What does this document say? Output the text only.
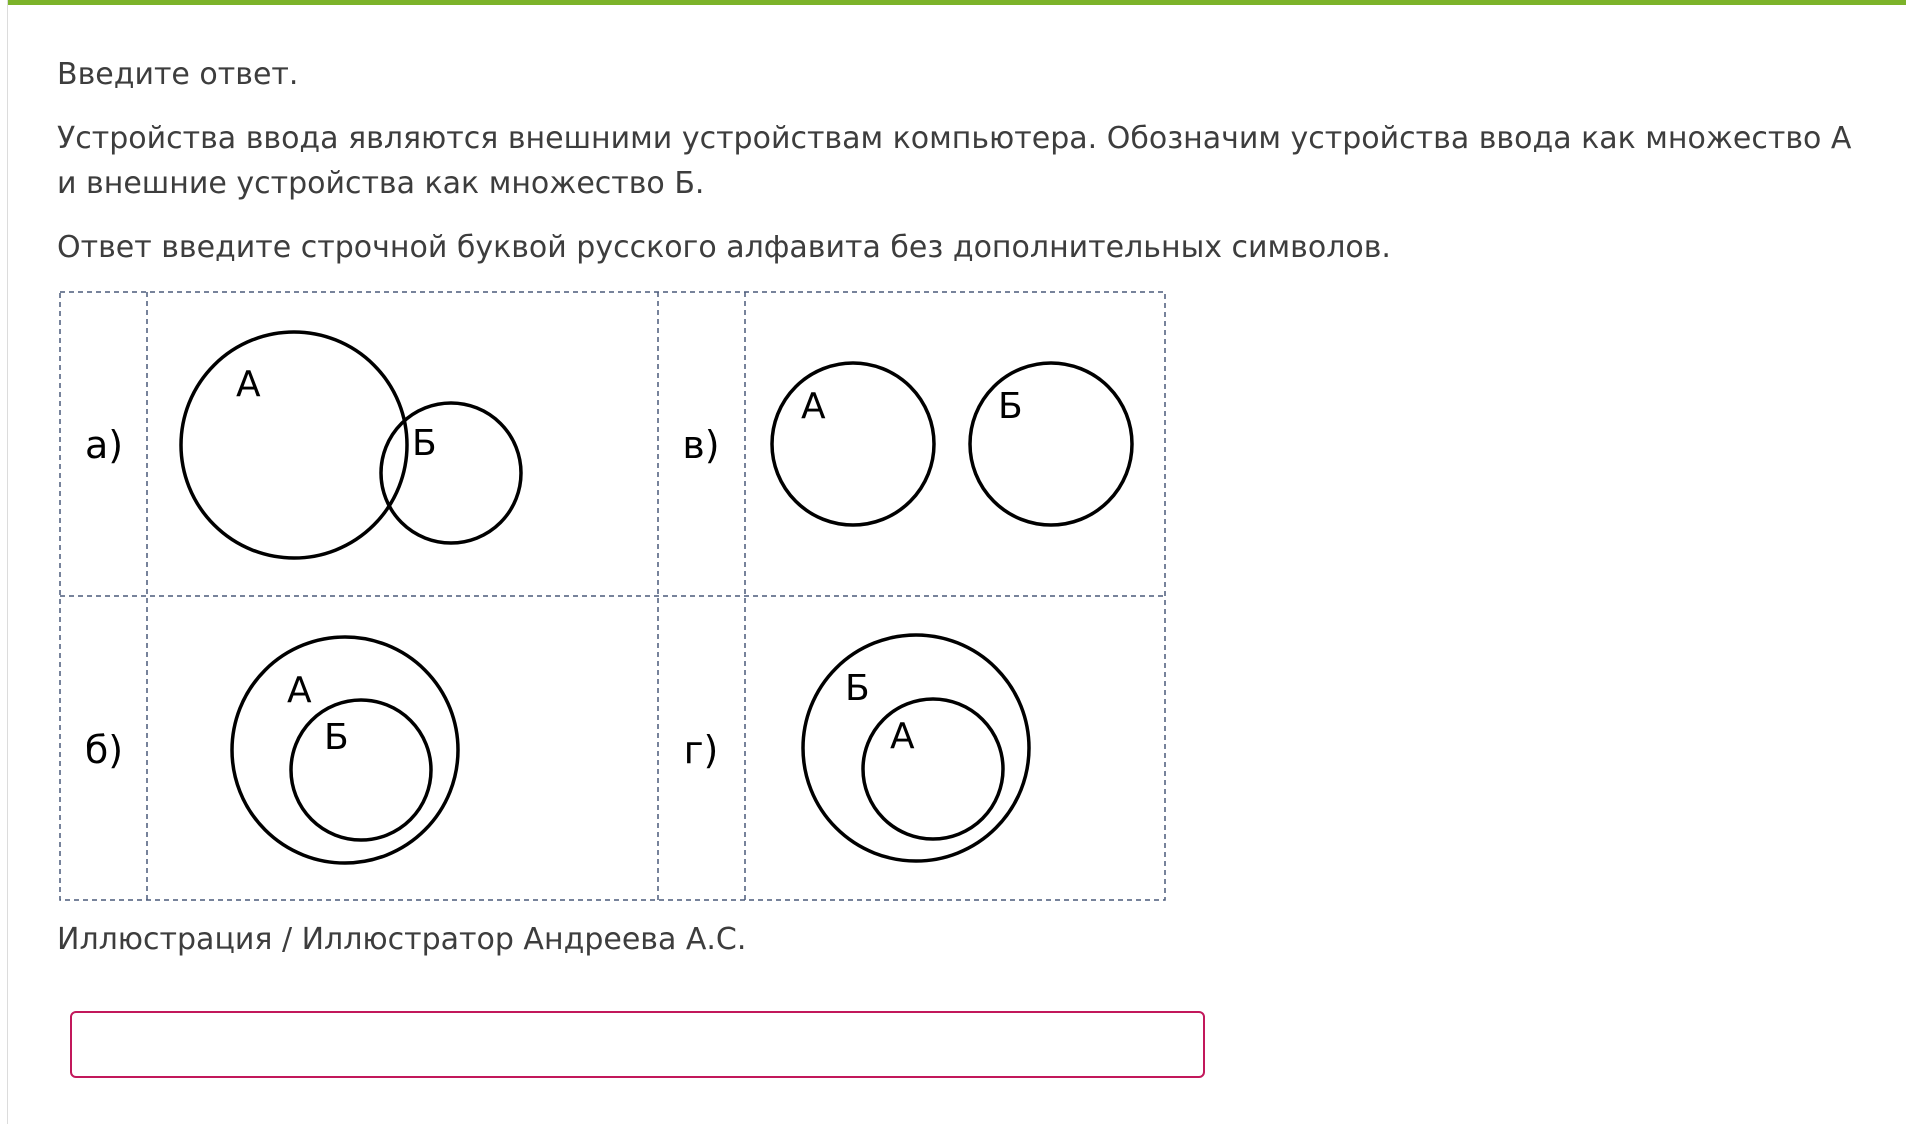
Введите ответ.

Устройства ввода являются внешними устройствам компьютера. Обозначим устройства ввода как множество А

и внешние устройства как множество Б.

Ответ введите строчной буквой русского алфавита без дополнительных символов.

а)
б)
в)
г)
А
Б
А
Б
А	Б
Б
А

Иллюстрация / Иллюстратор Андреева А.С.
